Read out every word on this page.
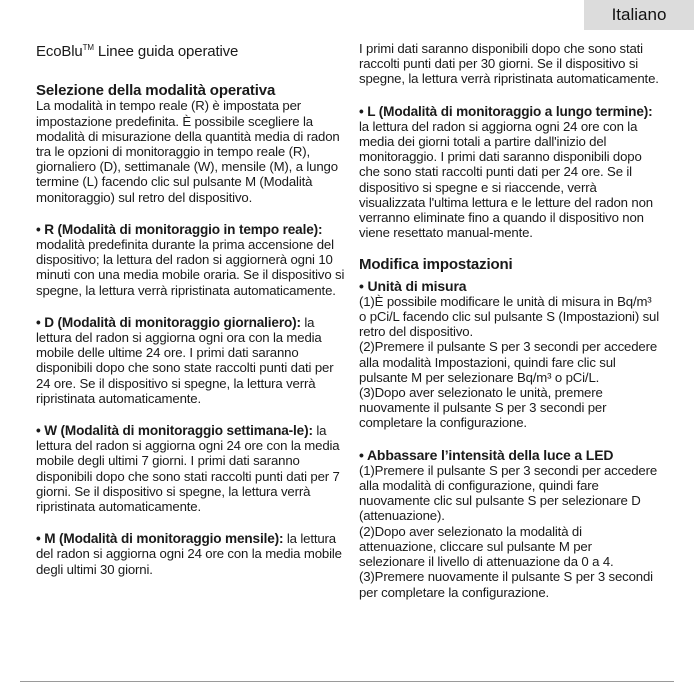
Italiano
EcoBlu™ Linee guida operative
Selezione della modalità operativa

La modalità in tempo reale (R) è impostata per impostazione predefinita. È possibile scegliere la modalità di misurazione della quantità media di radon tra le opzioni di monitoraggio in tempo reale (R), giornaliero (D), settimanale (W), mensile (M), a lungo termine (L) facendo clic sul pulsante M (Modalità monitoraggio) sul retro del dispositivo.

• R (Modalità di monitoraggio in tempo reale): modalità predefinita durante la prima accensione del dispositivo; la lettura del radon si aggiornerà ogni 10 minuti con una media mobile oraria. Se il dispositivo si spegne, la lettura verrà ripristinata automaticamente.

• D (Modalità di monitoraggio giornaliero): la lettura del radon si aggiorna ogni ora con la media mobile delle ultime 24 ore. I primi dati saranno disponibili dopo che sono state raccolti punti dati per 24 ore. Se il dispositivo si spegne, la lettura verrà ripristinata automaticamente.

• W (Modalità di monitoraggio settimana-le): la lettura del radon si aggiorna ogni 24 ore con la media mobile degli ultimi 7 giorni. I primi dati saranno disponibili dopo che sono stati raccolti punti dati per 7 giorni. Se il dispositivo si spegne, la lettura verrà ripristinata automaticamente.

• M (Modalità di monitoraggio mensile): la lettura del radon si aggiorna ogni 24 ore con la media mobile degli ultimi 30 giorni.

I primi dati saranno disponibili dopo che sono stati raccolti punti dati per 30 giorni. Se il dispositivo si spegne, la lettura verrà ripristinata automaticamente.

• L (Modalità di monitoraggio a lungo termine): la lettura del radon si aggiorna ogni 24 ore con la media dei giorni totali a partire dall'inizio del monitoraggio. I primi dati saranno disponibili dopo che sono stati raccolti punti dati per 24 ore. Se il dispositivo si spegne e si riaccende, verrà visualizzata l'ultima lettura e le letture del radon non verranno eliminate fino a quando il dispositivo non viene resettato manual-mente.

Modifica impostazioni

• Unità di misura

(1)È possibile modificare le unità di misura in Bq/m³ o pCi/L facendo clic sul pulsante S (Impostazioni) sul retro del dispositivo.

(2)Premere il pulsante S per 3 secondi per accedere alla modalità Impostazioni, quindi fare clic sul pulsante M per selezionare Bq/m³ o pCi/L.

(3)Dopo aver selezionato le unità, premere nuovamente il pulsante S per 3 secondi per completare la configurazione.

• Abbassare l’intensità della luce a LED

(1)Premere il pulsante S per 3 secondi per accedere alla modalità di configurazione, quindi fare nuovamente clic sul pulsante S per selezionare D (attenuazione).

(2)Dopo aver selezionato la modalità di attenuazione, cliccare sul pulsante M per selezionare il livello di attenuazione da 0 a 4.

(3)Premere nuovamente il pulsante S per 3 secondi per completare la configurazione.
